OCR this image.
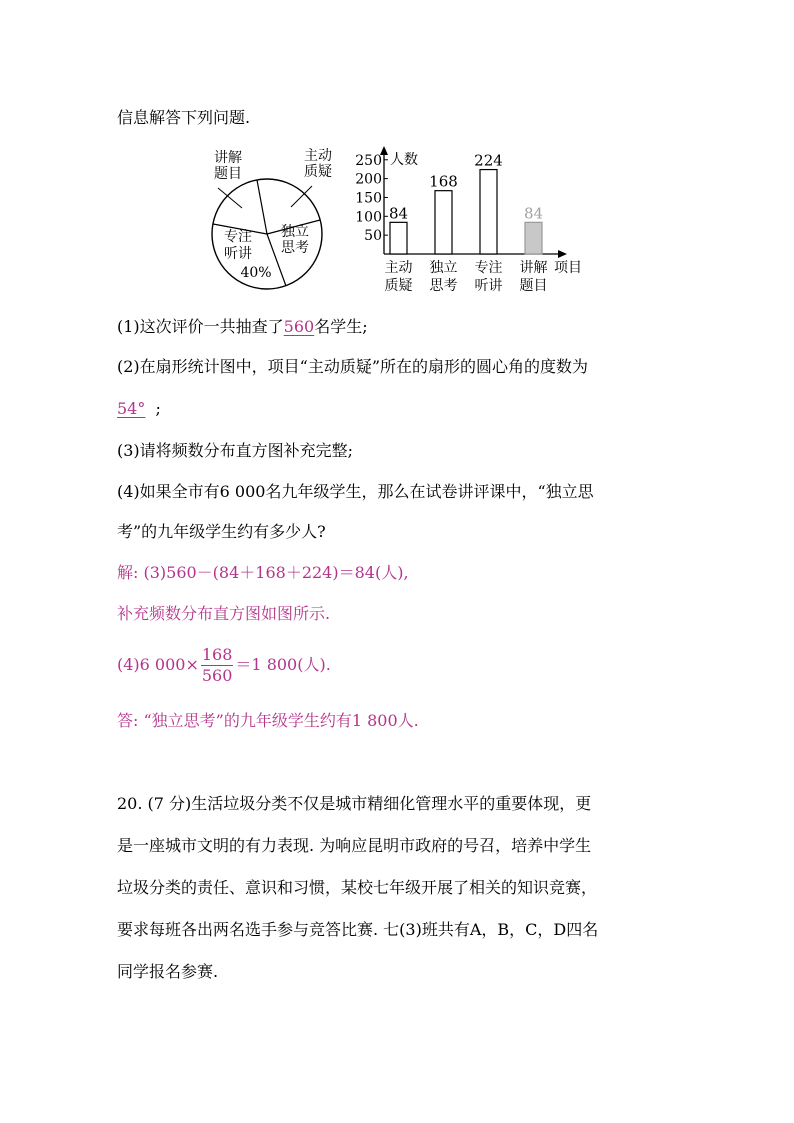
信息解答下列问题.
讲解题目
主动质疑
独立思考
专注听讲
40%
人数
项目
50
100
150
200
250
84
主动
质疑
168
独立
思考
224
专注
听讲
84
讲解
题目
(1)这次评价一共抽查了560名学生;
(2)在扇形统计图中，项目“主动质疑”所在的扇形的圆心角的度数为
54° ;
(3)请将频数分布直方图补充完整;
(4)如果全市有6 000名九年级学生，那么在试卷讲评课中，“独立思
考”的九年级学生约有多少人?
解: (3)560－(84＋168＋224)＝84(人),
补充频数分布直方图如图所示.
(4)6 $000\times \frac{168}{560} =1$ 800(人).
答: “独立思考”的九年级学生约有1 800人.
20. (7 分)生活垃圾分类不仅是城市精细化管理水平的重要体现，更
是一座城市文明的有力表现. 为响应昆明市政府的号召，培养中学生
垃圾分类的责任、意识和习惯，某校七年级开展了相关的知识竞赛，
要求每班各出两名选手参与竞答比赛. 七(3)班共有A，B，C，D四名
同学报名参赛.
